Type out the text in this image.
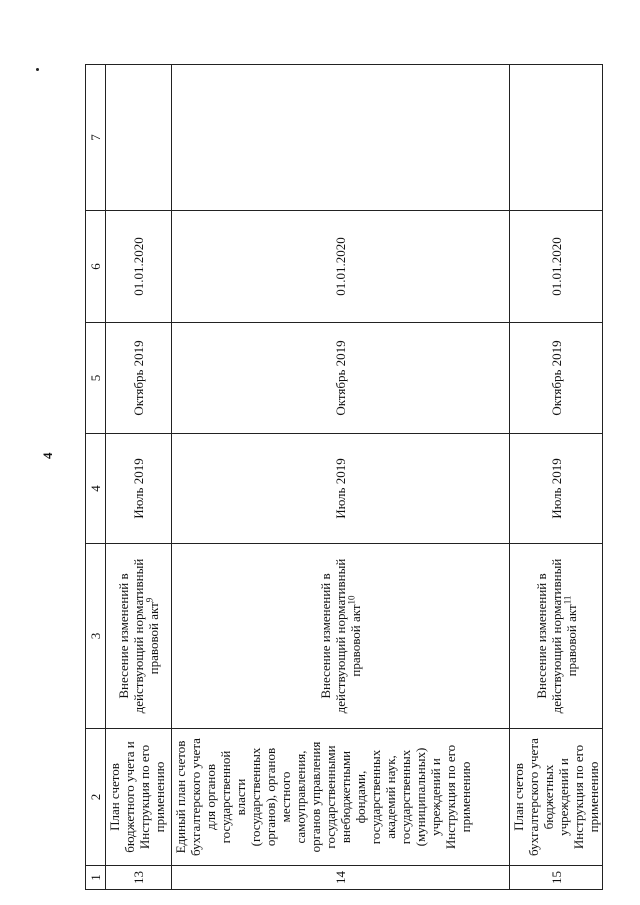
4
1	2	3	4	5	6	7
13	План счетов бюджетного учета и Инструкция по его применению	Внесение изменений в действующий нормативный правовой акт$^9$	Июль 2019	Октябрь 2019	01.01.2020	
14	Единый план счетов бухгалтерского учета для органов государственной власти (государственных органов), органов местного самоуправления, органов управления государственными внебюджетными фондами, государственных академий наук, государственных (муниципальных) учреждений и Инструкция по его применению	Внесение изменений в действующий нормативный правовой акт$^{10}$	Июль 2019	Октябрь 2019	01.01.2020	
15	План счетов бухгалтерского учета бюджетных учреждений и Инструкция по его применению	Внесение изменений в действующий нормативный правовой акт$^{11}$	Июль 2019	Октябрь 2019	01.01.2020	
